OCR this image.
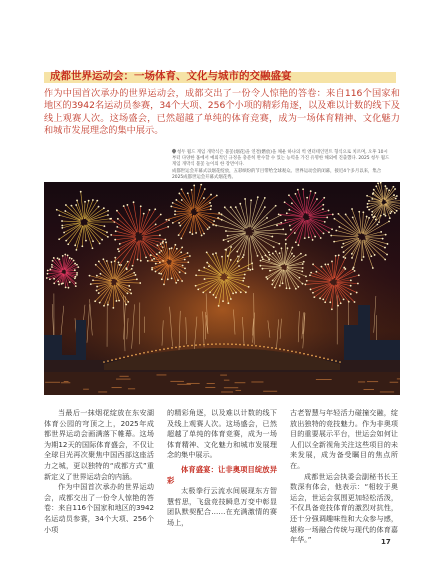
成都世界运动会：一场体育、文化与城市的交融盛宴
作为中国首次承办的世界运动会，成都交出了一份令人惊艳的答卷：来自116个国家和地区的3942名运动员参赛，34个大项、256个小项的精彩角逐，以及难以计数的线下及线上观赛人次。这场盛会，已然超越了单纯的体育竞赛，成为一场体育精神、文化魅力和城市发展理念的集中展示。
청두 월드 게임 개막식은 불꽃(烟花)을 연결(燃放)을 채운 하나의 벽 엔터테인먼트 형식으로 치르며, 오후 10시부터 다양한 홈에서 예외적인 규정을 충분히 완수할 수 있는 능력을 가진 유명한 해외에 진출했다. 2025 청두 월드 게임 개막식 불꽃 놀이의 한 장면이다.
成都世运会开幕式以烟花绽放，五彩缤纷的节目带给全球观众。世界运动会的闭幕，接近4个多月以来，集合2025成都世运会开幕式烟花秀。

当最后一抹烟花绽放在东安湖体育公园的穹顶之上，2025年成都世界运动会画满落下帷幕。这场为期12天的国际体育盛会，不仅让全球目光再次聚焦中国西部这座活力之城，更以独特的“成都方式”重新定义了世界运动会的内涵。

作为中国首次承办的世界运动会，成都交出了一份令人惊艳的答卷：来自116个国家和地区的3942名运动员参赛，34个大项、256个小项

的精彩角逐，以及难以计数的线下及线上观赛人次。这场盛会，已然超越了单纯的体育竞赛，成为一场体育精神、文化魅力和城市发展理念的集中展示。

体育盛宴：让非奥项目绽放异彩

太极拳行云流水间展现东方智慧哲思，飞盘竞技瞬息万变中彰显团队默契配合……在充满激情的赛场上，

古老智慧与年轻活力碰撞交融，绽放出独特的竞技魅力。作为非奥项目的重要展示平台，世运会如何让人们以全新视角关注这些项目的未来发展，成为备受瞩目的焦点所在。

成都世运会执委会副秘书长王数深有体会，他表示：“相较于奥运会，世运会氛围更加轻松活泼，不仅具备竞技体育的激烈对抗性，还十分强调趣味性和大众参与感，堪称一场融合传统与现代的体育嘉年华。”	17
